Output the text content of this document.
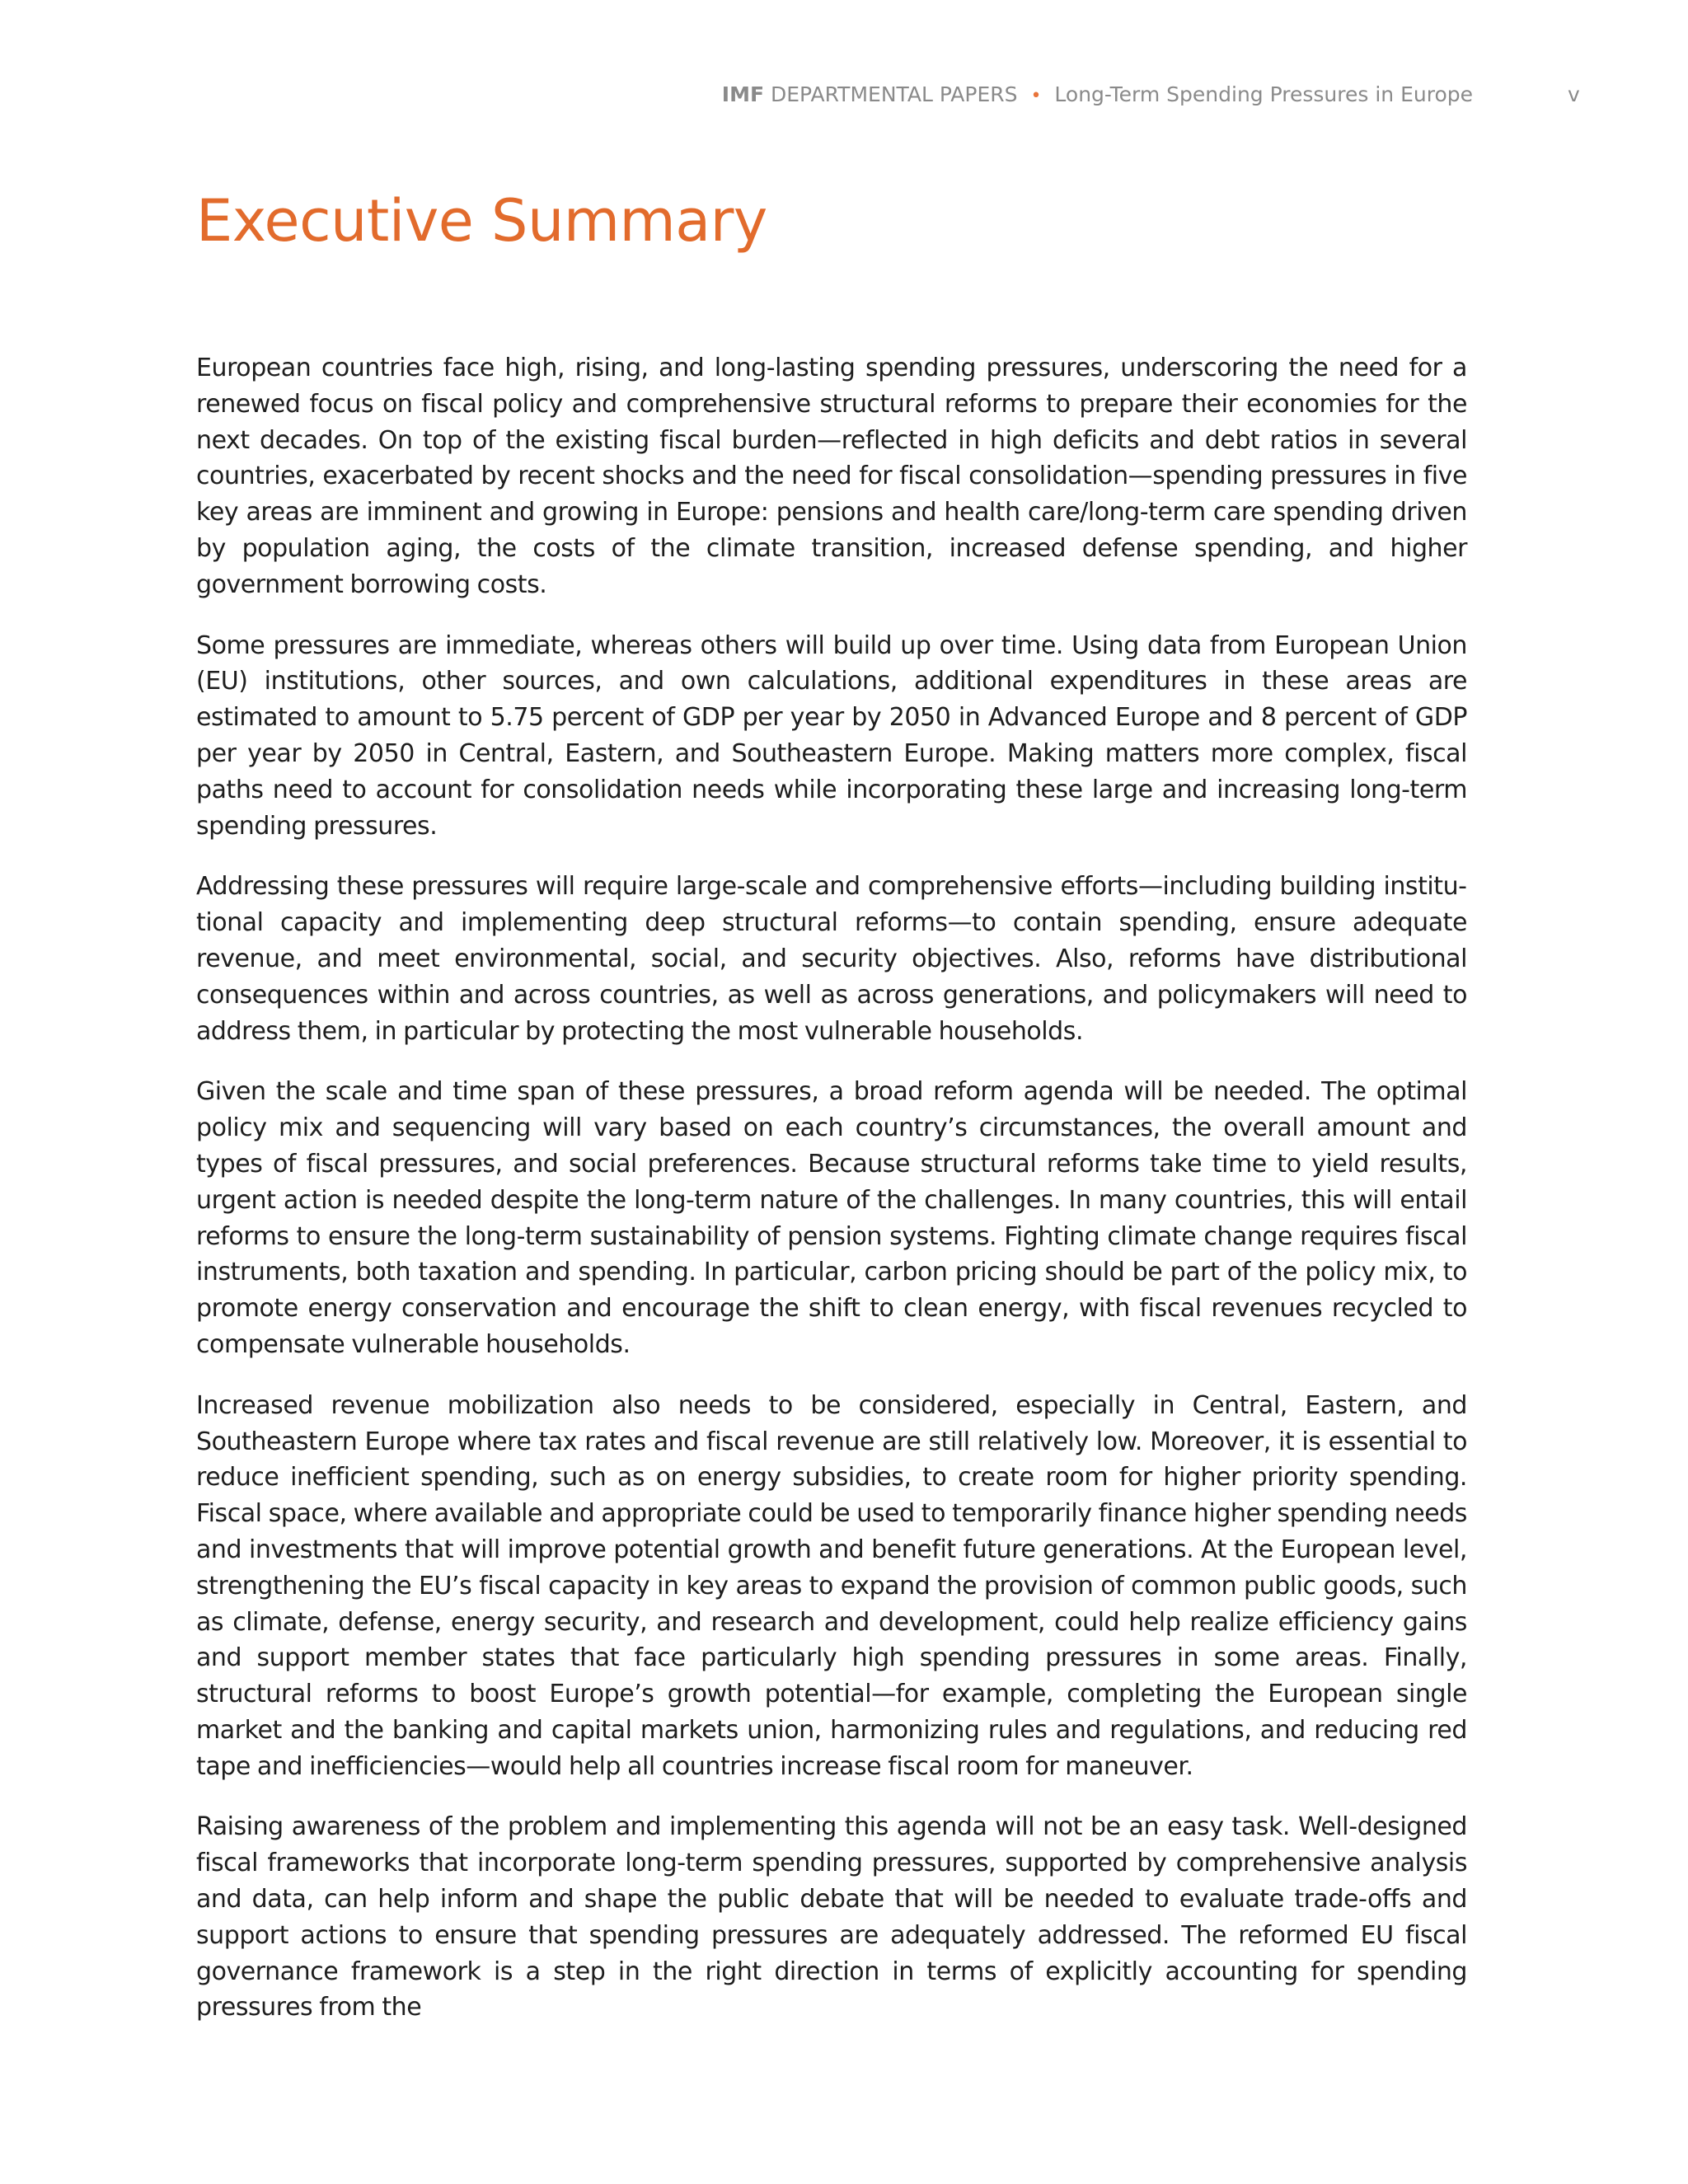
IMF DEPARTMENTAL PAPERS • Long-Term Spending Pressures in Europe	v
Executive Summary

European countries face high, rising, and long-lasting spending pressures, underscoring the need for a renewed focus on fiscal policy and comprehensive structural reforms to prepare their economies for the next decades. On top of the existing fiscal burden—reflected in high deficits and debt ratios in several countries, exacerbated by recent shocks and the need for fiscal consolidation—spending pressures in five key areas are imminent and growing in Europe: pensions and health care/long-term care spending driven by population aging, the costs of the climate transition, increased defense spending, and higher government borrowing costs.

Some pressures are immediate, whereas others will build up over time. Using data from European Union (EU) institutions, other sources, and own calculations, additional expenditures in these areas are estimated to amount to 5.75 percent of GDP per year by 2050 in Advanced Europe and 8 percent of GDP per year by 2050 in Central, Eastern, and Southeastern Europe. Making matters more complex, fiscal paths need to account for consolidation needs while incorporating these large and increasing long-term spending pressures.

Addressing these pressures will require large-scale and comprehensive efforts—including building institutional capacity and implementing deep structural reforms—to contain spending, ensure adequate revenue, and meet environmental, social, and security objectives. Also, reforms have distributional consequences within and across countries, as well as across generations, and policymakers will need to address them, in particular by protecting the most vulnerable households.

Given the scale and time span of these pressures, a broad reform agenda will be needed. The optimal policy mix and sequencing will vary based on each country’s circumstances, the overall amount and types of fiscal pressures, and social preferences. Because structural reforms take time to yield results, urgent action is needed despite the long-term nature of the challenges. In many countries, this will entail reforms to ensure the long-term sustainability of pension systems. Fighting climate change requires fiscal instruments, both taxation and spending. In particular, carbon pricing should be part of the policy mix, to promote energy conservation and encourage the shift to clean energy, with fiscal revenues recycled to compensate vulnerable households.

Increased revenue mobilization also needs to be considered, especially in Central, Eastern, and Southeastern Europe where tax rates and fiscal revenue are still relatively low. Moreover, it is essential to reduce inefficient spending, such as on energy subsidies, to create room for higher priority spending. Fiscal space, where available and appropriate could be used to temporarily finance higher spending needs and investments that will improve potential growth and benefit future generations. At the European level, strengthening the EU’s fiscal capacity in key areas to expand the provision of common public goods, such as climate, defense, energy security, and research and development, could help realize efficiency gains and support member states that face particularly high spending pressures in some areas. Finally, structural reforms to boost Europe’s growth potential—for example, completing the European single market and the banking and capital markets union, harmonizing rules and regulations, and reducing red tape and inefficiencies—would help all countries increase fiscal room for maneuver.

Raising awareness of the problem and implementing this agenda will not be an easy task. Well-designed fiscal frameworks that incorporate long-term spending pressures, supported by comprehensive analysis and data, can help inform and shape the public debate that will be needed to evaluate trade-offs and support actions to ensure that spending pressures are adequately addressed. The reformed EU fiscal governance framework is a step in the right direction in terms of explicitly accounting for spending pressures from the
